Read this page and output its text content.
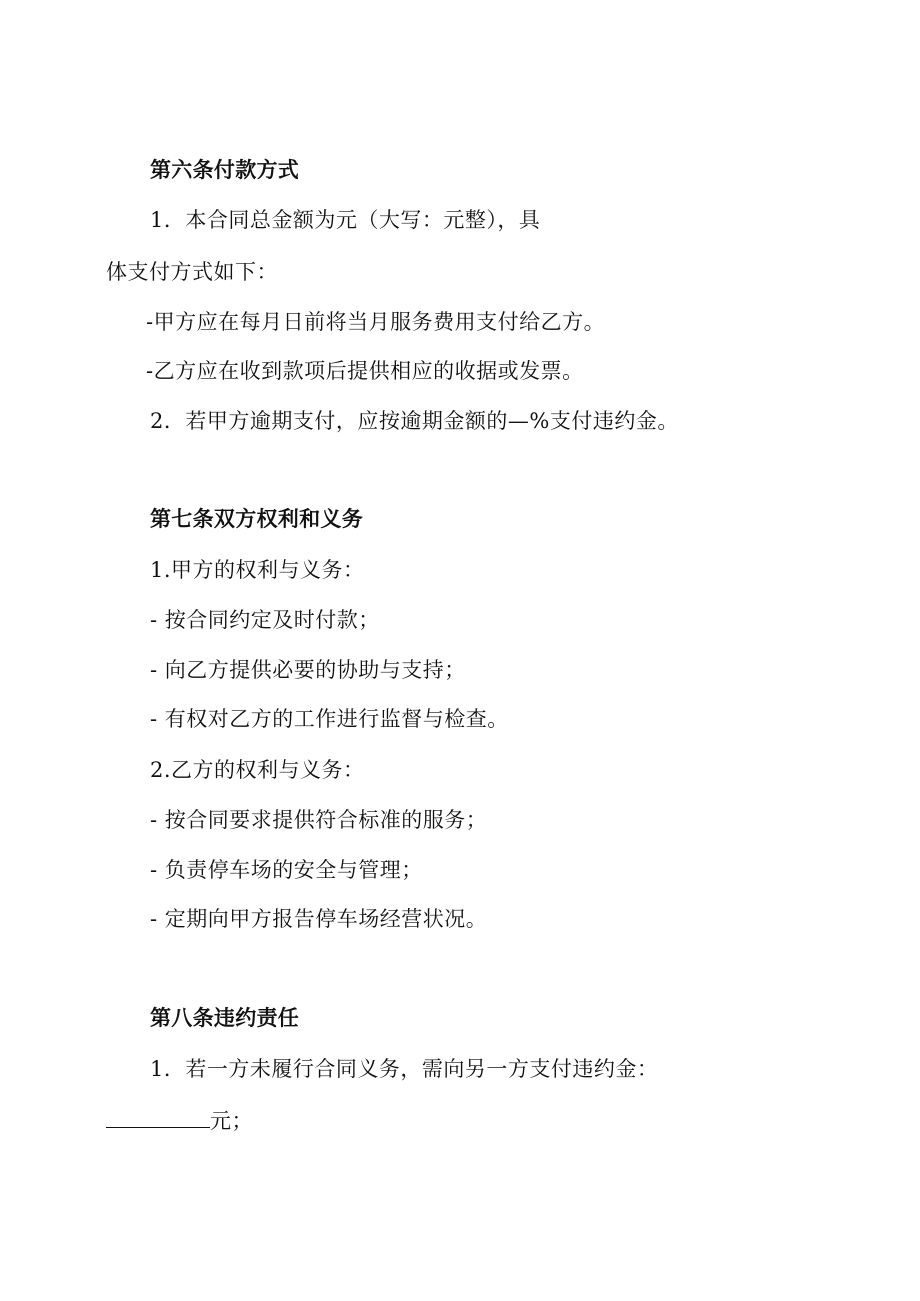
第六条付款方式
1．本合同总金额为元（大写：元整），具
体支付方式如下：
-甲方应在每月日前将当月服务费用支付给乙方。
-乙方应在收到款项后提供相应的收据或发票。
2．若甲方逾期支付，应按逾期金额的—%支付违约金。
第七条双方权利和义务
1.甲方的权利与义务：
- 按合同约定及时付款；
- 向乙方提供必要的协助与支持；
- 有权对乙方的工作进行监督与检查。
2.乙方的权利与义务：
- 按合同要求提供符合标准的服务；
- 负责停车场的安全与管理；
- 定期向甲方报告停车场经营状况。
第八条违约责任
1．若一方未履行合同义务，需向另一方支付违约金：
元；
